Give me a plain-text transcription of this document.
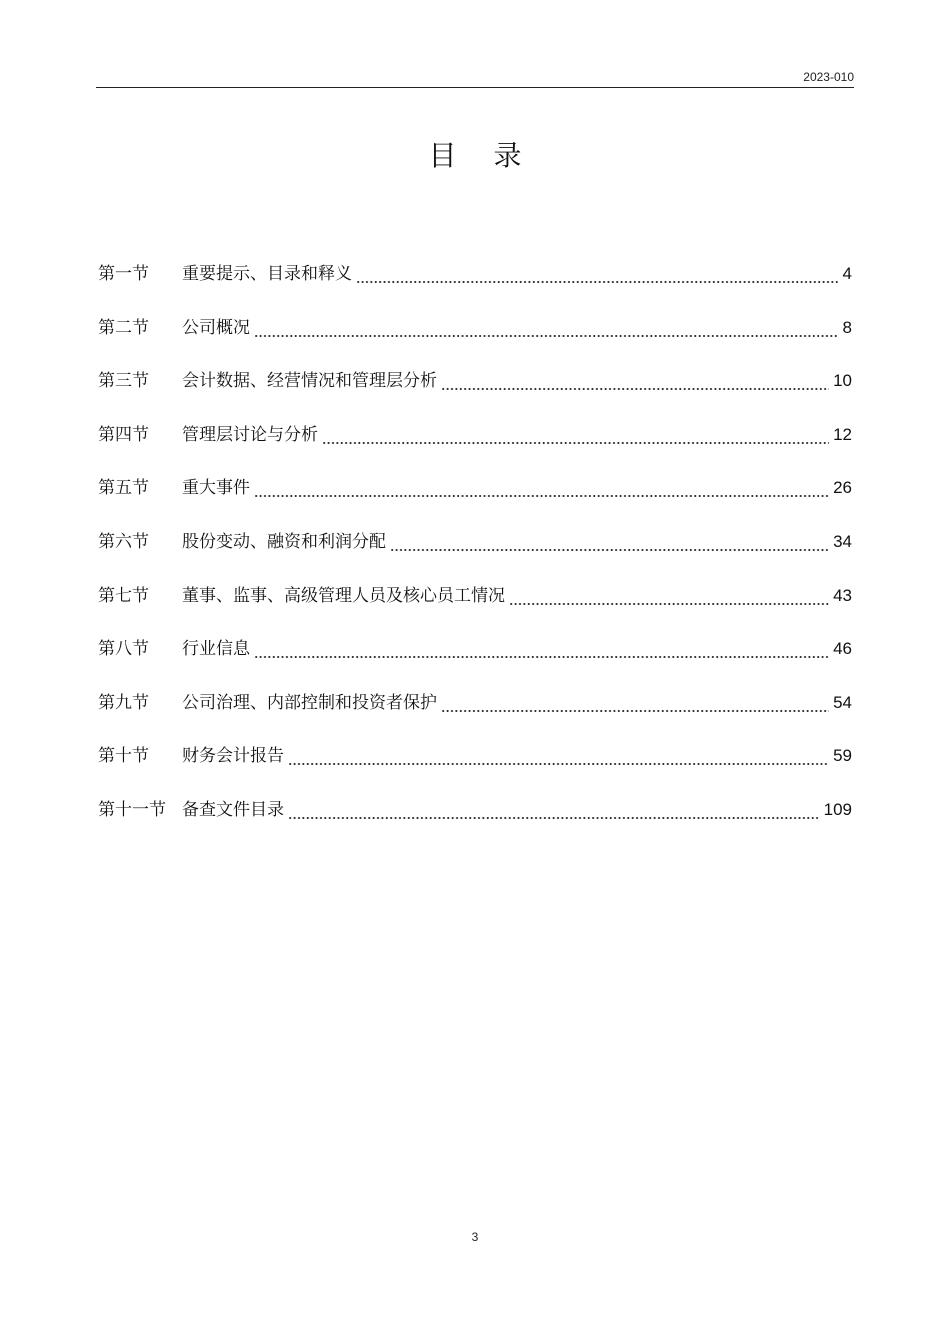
2023-010
目 录
第一节	重要提示、目录和释义	4
第二节	公司概况	8
第三节	会计数据、经营情况和管理层分析	10
第四节	管理层讨论与分析	12
第五节	重大事件	26
第六节	股份变动、融资和利润分配	34
第七节	董事、监事、高级管理人员及核心员工情况	43
第八节	行业信息	46
第九节	公司治理、内部控制和投资者保护	54
第十节	财务会计报告	59
第十一节 备查文件目录	109
3
